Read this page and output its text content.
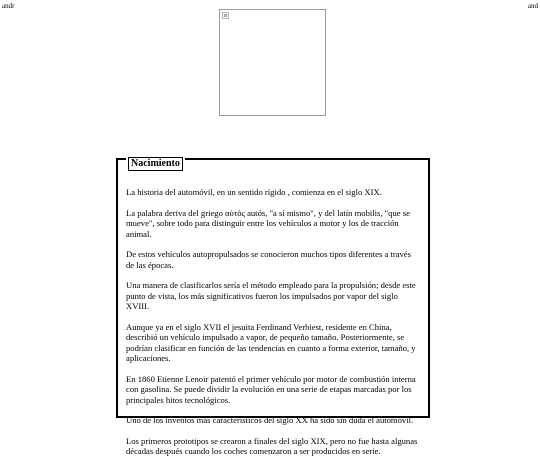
andr	and
Nacimiento

La historia del automóvil, en un sentido rígido , comienza en el siglo XIX.

La palabra deriva del griego αὐτός autós, "a sí mismo", y del latín mobilis, "que se mueve", sobre todo para distinguir entre los vehículos a motor y los de tracción animal.

De estos vehículos autopropulsados se conocieron muchos tipos diferentes a través de las épocas.

Una manera de clasificarlos sería el método empleado para la propulsión; desde este punto de vista, los más significativos fueron los impulsados por vapor del siglo XVIII.

Aunque ya en el siglo XVII el jesuita Ferdinand Verbiest, residente en China, describió un vehículo impulsado a vapor, de pequeño tamaño. Posteriormente, se podrían clasificar en función de las tendencias en cuanto a forma exterior, tamaño, y aplicaciones.

En 1860 Etienne Lenoir patentó el primer vehículo por motor de combustión interna con gasolina. Se puede dividir la evolución en una serie de etapas marcadas por los principales hitos tecnológicos.

Uno de los inventos más característicos del siglo XX ha sido sin duda el automóvil.

Los primeros prototipos se crearon a finales del siglo XIX, pero no fue hasta algunas décadas después cuando los coches comenzaron a ser producidos en serie.
